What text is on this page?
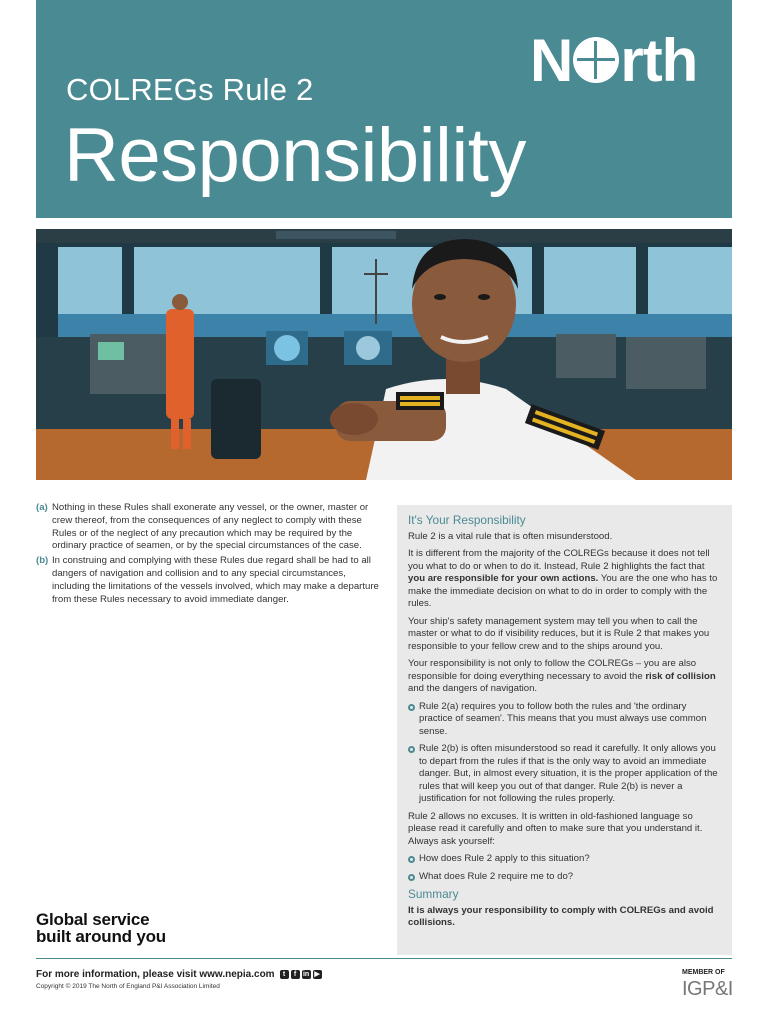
COLREGs Rule 2
Responsibility
N rth
(a) Nothing in these Rules shall exonerate any vessel, or the owner, master or crew thereof, from the consequences of any neglect to comply with these Rules or of the neglect of any precaution which may be required by the ordinary practice of seamen, or by the special circumstances of the case.
(b) In construing and complying with these Rules due regard shall be had to all dangers of navigation and collision and to any special circumstances, including the limitations of the vessels involved, which may make a departure from these Rules necessary to avoid immediate danger.
It's Your Responsibility

Rule 2 is a vital rule that is often misunderstood.

It is different from the majority of the COLREGs because it does not tell you what to do or when to do it. Instead, Rule 2 highlights the fact that you are responsible for your own actions. You are the one who has to make the immediate decision on what to do in order to comply with the rules.

Your ship's safety management system may tell you when to call the master or what to do if visibility reduces, but it is Rule 2 that makes you responsible to your fellow crew and to the ships around you.

Your responsibility is not only to follow the COLREGs – you are also responsible for doing everything necessary to avoid the risk of collision and the dangers of navigation.

Rule 2(a) requires you to follow both the rules and 'the ordinary practice of seamen'. This means that you must always use common sense.
Rule 2(b) is often misunderstood so read it carefully. It only allows you to depart from the rules if that is the only way to avoid an immediate danger. But, in almost every situation, it is the proper application of the rules that will keep you out of that danger. Rule 2(b) is never a justification for not following the rules properly.

Rule 2 allows no excuses. It is written in old-fashioned language so please read it carefully and often to make sure that you understand it. Always ask yourself:

How does Rule 2 apply to this situation?
What does Rule 2 require me to do?
Summary

It is always your responsibility to comply with COLREGs and avoid collisions.

Global service
built around you
For more information, please visit www.nepia.com	t	f in ▶
Copyright © 2019 The North of England P&I Association Limited
MEMBER OF
IGP&I
